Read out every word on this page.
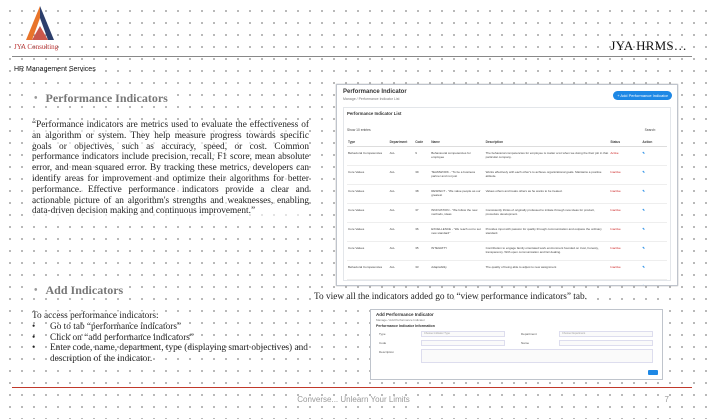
JYA Consulting	JYA HRMS…
HR Management Services
• Performance Indicators
“Performance indicators are metrics used to evaluate the effectiveness of an algorithm or system. They help measure progress towards specific goals or objectives, such as accuracy, speed, or cost. Common performance indicators include precision, recall, F1 score, mean absolute error, and mean squared error. By tracking these metrics, developers can identify areas for improvement and optimize their algorithms for better performance. Effective performance indicators provide a clear and actionable picture of an algorithm's strengths and weaknesses, enabling data-driven decision making and continuous improvement.”
• Add Indicators
To access performance indicators:
• Go to tab “performance indicators”
• Click on “add performance indicators”
• Enter code, name, department, type (displaying smart objectives) and description of the indicator.
Performance Indicator
Manage / Performance Indicator List
+ Add Performance Indicator
Performance Indicator List
Show 10 entries	Search:
Type	Department	Code	Name	Description	Status	Action
Behavioral Competencies	ALL	9	Behavioural competencies for employee	The behavioral competencies for employee is matter a lot when we doing the their job in that particular company.	Active	✎
Core Values	ALL	39	TEAMWORK - "To be a business partner and not just	Works effectively with each other's to achieve organizational goals. Maintains a positive attitude.	Inactive	✎
Core Values	ALL	38	RESPECT - "We value people as our greatest	Values others and treats others as he wants to be treated.	Inactive	✎
Core Values	ALL	37	INNOVATION - "We follow the new methods, ideas	Consistently thinks of originally professed to initiate through new ideas for product, procedure development.	Inactive	✎
Core Values	ALL	36	EXCELLENCE - "We reach out to set new standard"	Provides input with passion for quality through communication and outpace the ordinary standard.	Inactive	✎
Core Values	ALL	35	INTEGRITY	Contribution to engage family orientated work environment founded on trust, honesty, transparency. With open communication and fair dealing.	Inactive	✎
Behavioral Competencies	ALL	33	Adaptability	The quality of being able to adjust to new assignment	Inactive	✎
Behavioral	ALL	32	Ability to Work Under Pressure		Inactive	✎
To view all the indicators added go to “view performance indicators” tab.
Add Performance Indicator
Manage / Add Performance Indicator
Performance Indicator Information
Type	Choose Indicator Type	Department	Choose Department
Code	Name
Description
Converse... Unlearn Your Limits	7
